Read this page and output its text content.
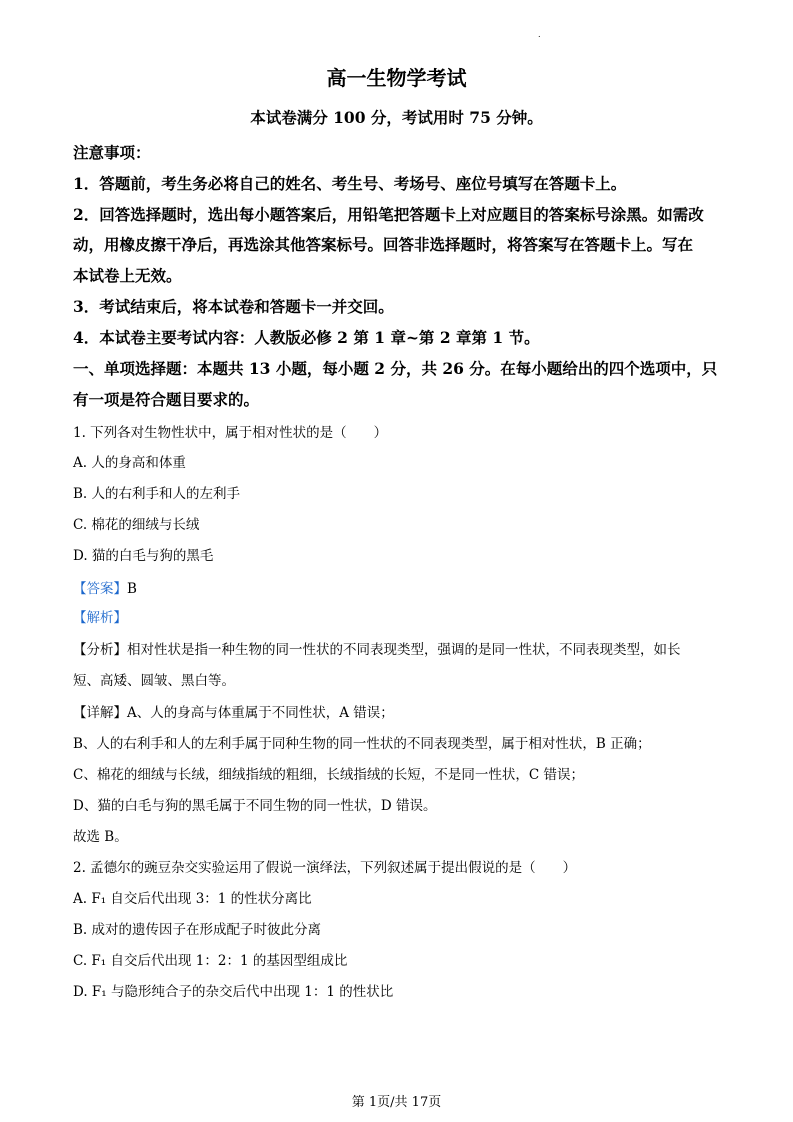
.
高一生物学考试
本试卷满分 100 分，考试用时 75 分钟。
注意事项：
1．答题前，考生务必将自己的姓名、考生号、考场号、座位号填写在答题卡上。
2．回答选择题时，选出每小题答案后，用铅笔把答题卡上对应题目的答案标号涂黑。如需改
动，用橡皮擦干净后，再选涂其他答案标号。回答非选择题时，将答案写在答题卡上。写在
本试卷上无效。
3．考试结束后，将本试卷和答题卡一并交回。
4．本试卷主要考试内容：人教版必修 2 第 1 章~第 2 章第 1 节。
一、单项选择题：本题共 13 小题，每小题 2 分，共 26 分。在每小题给出的四个选项中，只
有一项是符合题目要求的。
1. 下列各对生物性状中，属于相对性状的是（　　）
A. 人的身高和体重
B. 人的右利手和人的左利手
C. 棉花的细绒与长绒
D. 猫的白毛与狗的黑毛
【答案】B
【解析】
【分析】相对性状是指一种生物的同一性状的不同表现类型，强调的是同一性状，不同表现类型，如长
短、高矮、圆皱、黑白等。
【详解】A、人的身高与体重属于不同性状，A 错误；
B、人的右利手和人的左利手属于同种生物的同一性状的不同表现类型，属于相对性状，B 正确；
C、棉花的细绒与长绒，细绒指绒的粗细，长绒指绒的长短，不是同一性状，C 错误；
D、猫的白毛与狗的黑毛属于不同生物的同一性状，D 错误。
故选 B。
2. 孟德尔的豌豆杂交实验运用了假说一演绎法，下列叙述属于提出假说的是（　　）
A. F₁ 自交后代出现 3：1 的性状分离比
B. 成对的遗传因子在形成配子时彼此分离
C. F₁ 自交后代出现 1：2：1 的基因型组成比
D. F₁ 与隐形纯合子的杂交后代中出现 1：1 的性状比
第 1页/共 17页
